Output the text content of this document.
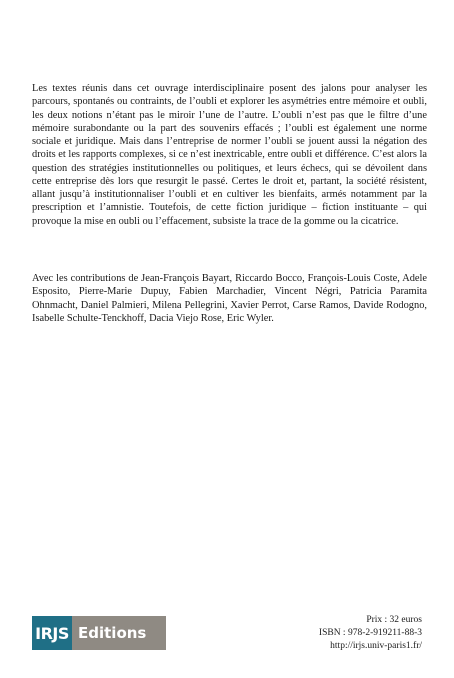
Les textes réunis dans cet ouvrage interdisciplinaire posent des jalons pour analyser les parcours, spontanés ou contraints, de l’oubli et explorer les asymétries entre mémoire et oubli, les deux notions n’étant pas le miroir l’une de l’autre. L’oubli n’est pas que le filtre d’une mémoire surabondante ou la part des souvenirs effacés ; l’oubli est également une norme sociale et juridique. Mais dans l’entreprise de normer l’oubli se jouent aussi la négation des droits et les rapports complexes, si ce n’est inextricable, entre oubli et différence. C’est alors la question des stratégies institutionnelles ou politiques, et leurs échecs, qui se dévoilent dans cette entreprise dès lors que resurgit le passé. Certes le droit et, partant, la société résistent, allant jusqu’à institutionnaliser l’oubli et en cultiver les bienfaits, armés notamment par la prescription et l’amnistie. Toutefois, de cette fiction juridique – fiction instituante – qui provoque la mise en oubli ou l’effacement, subsiste la trace de la gomme ou la cicatrice.

Avec les contributions de Jean-François Bayart, Riccardo Bocco, François-Louis Coste, Adele Esposito, Pierre-Marie Dupuy, Fabien Marchadier, Vincent Négri, Patricia Paramita Ohnmacht, Daniel Palmieri, Milena Pellegrini, Xavier Perrot, Carse Ramos, Davide Rodogno, Isabelle Schulte-Tenckhoff, Dacia Viejo Rose, Eric Wyler.

IRJS Editions
Prix : 32 euros
ISBN : 978-2-919211-88-3
http://irjs.univ-paris1.fr/
